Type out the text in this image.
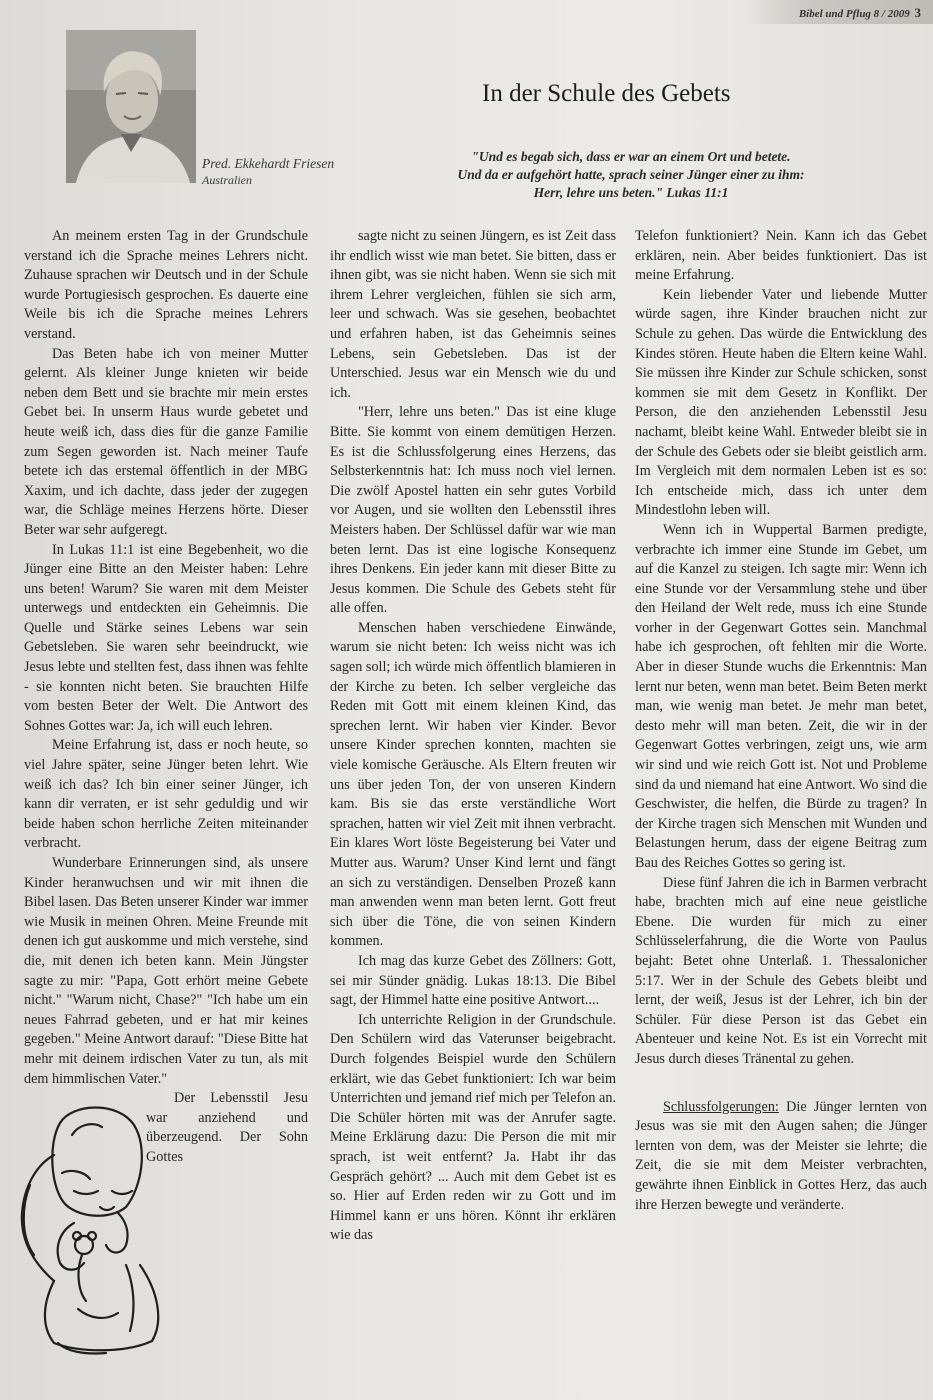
Bibel und Pflug 8 / 2009 3
Pred. Ekkehardt Friesen
Australien
In der Schule des Gebets
"Und es begab sich, dass er war an einem Ort und betete.
Und da er aufgehört hatte, sprach seiner Jünger einer zu ihm:
Herr, lehre uns beten." Lukas 11:1

An meinem ersten Tag in der Grundschule verstand ich die Sprache meines Lehrers nicht. Zuhause sprachen wir Deutsch und in der Schule wurde Portugiesisch gesprochen. Es dauerte eine Weile bis ich die Sprache meines Lehrers verstand.

Das Beten habe ich von meiner Mutter gelernt. Als kleiner Junge knieten wir beide neben dem Bett und sie brachte mir mein erstes Gebet bei. In unserm Haus wurde gebetet und heute weiß ich, dass dies für die ganze Familie zum Segen geworden ist. Nach meiner Taufe betete ich das erstemal öffentlich in der MBG Xaxim, und ich dachte, dass jeder der zugegen war, die Schläge meines Herzens hörte. Dieser Beter war sehr aufgeregt.

In Lukas 11:1 ist eine Begebenheit, wo die Jünger eine Bitte an den Meister haben: Lehre uns beten! Warum? Sie waren mit dem Meister unterwegs und entdeckten ein Geheimnis. Die Quelle und Stärke seines Lebens war sein Gebetsleben. Sie waren sehr beeindruckt, wie Jesus lebte und stellten fest, dass ihnen was fehlte - sie konnten nicht beten. Sie brauchten Hilfe vom besten Beter der Welt. Die Antwort des Sohnes Gottes war: Ja, ich will euch lehren.

Meine Erfahrung ist, dass er noch heute, so viel Jahre später, seine Jünger beten lehrt. Wie weiß ich das? Ich bin einer seiner Jünger, ich kann dir verraten, er ist sehr geduldig und wir beide haben schon herrliche Zeiten miteinander verbracht.

Wunderbare Erinnerungen sind, als unsere Kinder heranwuchsen und wir mit ihnen die Bibel lasen. Das Beten unserer Kinder war immer wie Musik in meinen Ohren. Meine Freunde mit denen ich gut auskomme und mich verstehe, sind die, mit denen ich beten kann. Mein Jüngster sagte zu mir: "Papa, Gott erhört meine Gebete nicht." "Warum nicht, Chase?" "Ich habe um ein neues Fahrrad gebeten, und er hat mir keines gegeben." Meine Antwort darauf: "Diese Bitte hat mehr mit deinem irdischen Vater zu tun, als mit dem himmlischen Vater."

Der Lebensstil Jesu war anziehend und überzeugend. Der Sohn Gottes

sagte nicht zu seinen Jüngern, es ist Zeit dass ihr endlich wisst wie man betet. Sie bitten, dass er ihnen gibt, was sie nicht haben. Wenn sie sich mit ihrem Lehrer vergleichen, fühlen sie sich arm, leer und schwach. Was sie gesehen, beobachtet und erfahren haben, ist das Geheimnis seines Lebens, sein Gebetsleben. Das ist der Unterschied. Jesus war ein Mensch wie du und ich.

"Herr, lehre uns beten." Das ist eine kluge Bitte. Sie kommt von einem demütigen Herzen. Es ist die Schlussfolgerung eines Herzens, das Selbsterkenntnis hat: Ich muss noch viel lernen. Die zwölf Apostel hatten ein sehr gutes Vorbild vor Augen, und sie wollten den Lebensstil ihres Meisters haben. Der Schlüssel dafür war wie man beten lernt. Das ist eine logische Konsequenz ihres Denkens. Ein jeder kann mit dieser Bitte zu Jesus kommen. Die Schule des Gebets steht für alle offen.

Menschen haben verschiedene Einwände, warum sie nicht beten: Ich weiss nicht was ich sagen soll; ich würde mich öffentlich blamieren in der Kirche zu beten. Ich selber vergleiche das Reden mit Gott mit einem kleinen Kind, das sprechen lernt. Wir haben vier Kinder. Bevor unsere Kinder sprechen konnten, machten sie viele komische Geräusche. Als Eltern freuten wir uns über jeden Ton, der von unseren Kindern kam. Bis sie das erste verständliche Wort sprachen, hatten wir viel Zeit mit ihnen verbracht. Ein klares Wort löste Begeisterung bei Vater und Mutter aus. Warum? Unser Kind lernt und fängt an sich zu verständigen. Denselben Prozeß kann man anwenden wenn man beten lernt. Gott freut sich über die Töne, die von seinen Kindern kommen.

Ich mag das kurze Gebet des Zöllners: Gott, sei mir Sünder gnädig. Lukas 18:13. Die Bibel sagt, der Himmel hatte eine positive Antwort....

Ich unterrichte Religion in der Grundschule. Den Schülern wird das Vaterunser beigebracht. Durch folgendes Beispiel wurde den Schülern erklärt, wie das Gebet funktioniert: Ich war beim Unterrichten und jemand rief mich per Telefon an. Die Schüler hörten mit was der Anrufer sagte. Meine Erklärung dazu: Die Person die mit mir sprach, ist weit entfernt? Ja. Habt ihr das Gespräch gehört? ... Auch mit dem Gebet ist es so. Hier auf Erden reden wir zu Gott und im Himmel kann er uns hören. Könnt ihr erklären wie das

Telefon funktioniert? Nein. Kann ich das Gebet erklären, nein. Aber beides funktioniert. Das ist meine Erfahrung.

Kein liebender Vater und liebende Mutter würde sagen, ihre Kinder brauchen nicht zur Schule zu gehen. Das würde die Entwicklung des Kindes stören. Heute haben die Eltern keine Wahl. Sie müssen ihre Kinder zur Schule schicken, sonst kommen sie mit dem Gesetz in Konflikt. Der Person, die den anziehenden Lebensstil Jesu nachamt, bleibt keine Wahl. Entweder bleibt sie in der Schule des Gebets oder sie bleibt geistlich arm. Im Vergleich mit dem normalen Leben ist es so: Ich entscheide mich, dass ich unter dem Mindestlohn leben will.

Wenn ich in Wuppertal Barmen predigte, verbrachte ich immer eine Stunde im Gebet, um auf die Kanzel zu steigen. Ich sagte mir: Wenn ich eine Stunde vor der Versammlung stehe und über den Heiland der Welt rede, muss ich eine Stunde vorher in der Gegenwart Gottes sein. Manchmal habe ich gesprochen, oft fehlten mir die Worte. Aber in dieser Stunde wuchs die Erkenntnis: Man lernt nur beten, wenn man betet. Beim Beten merkt man, wie wenig man betet. Je mehr man betet, desto mehr will man beten. Zeit, die wir in der Gegenwart Gottes verbringen, zeigt uns, wie arm wir sind und wie reich Gott ist. Not und Probleme sind da und niemand hat eine Antwort. Wo sind die Geschwister, die helfen, die Bürde zu tragen? In der Kirche tragen sich Menschen mit Wunden und Belastungen herum, dass der eigene Beitrag zum Bau des Reiches Gottes so gering ist.

Diese fünf Jahren die ich in Barmen verbracht habe, brachten mich auf eine neue geistliche Ebene. Die wurden für mich zu einer Schlüsselerfahrung, die die Worte von Paulus bejaht: Betet ohne Unterlaß. 1. Thessalonicher 5:17. Wer in der Schule des Gebets bleibt und lernt, der weiß, Jesus ist der Lehrer, ich bin der Schüler. Für diese Person ist das Gebet ein Abenteuer und keine Not. Es ist ein Vorrecht mit Jesus durch dieses Tränental zu gehen.

Schlussfolgerungen: Die Jünger lernten von Jesus was sie mit den Augen sahen; die Jünger lernten von dem, was der Meister sie lehrte; die Zeit, die sie mit dem Meister verbrachten, gewährte ihnen Einblick in Gottes Herz, das auch ihre Herzen bewegte und veränderte.
